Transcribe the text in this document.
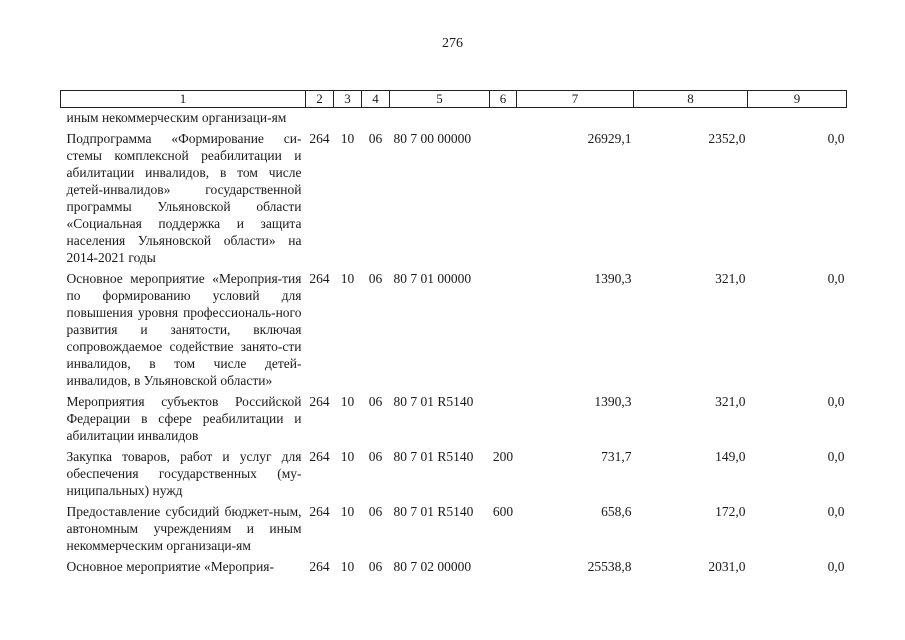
276
1	2	3	4	5	6	7	8	9
иным некоммерческим организаци-ям								
Подпрограмма «Формирование си-стемы комплексной реабилитации и абилитации инвалидов, в том числе детей-инвалидов» государственной программы Ульяновской области «Социальная поддержка и защита населения Ульяновской области» на 2014-2021 годы	264	10	06	80 7 00 00000		26929,1	2352,0	0,0
Основное мероприятие «Мероприя-тия по формированию условий для повышения уровня профессиональ-ного развития и занятости, включая сопровождаемое содействие занято-сти инвалидов, в том числе детей-инвалидов, в Ульяновской области»	264	10	06	80 7 01 00000		1390,3	321,0	0,0
Мероприятия субъектов Российской Федерации в сфере реабилитации и абилитации инвалидов	264	10	06	80 7 01 R5140		1390,3	321,0	0,0
Закупка товаров, работ и услуг для обеспечения государственных (му-ниципальных) нужд	264	10	06	80 7 01 R5140	200	731,7	149,0	0,0
Предоставление субсидий бюджет-ным, автономным учреждениям и иным некоммерческим организаци-ям	264	10	06	80 7 01 R5140	600	658,6	172,0	0,0
Основное мероприятие «Мероприя-	264	10	06	80 7 02 00000		25538,8	2031,0	0,0
